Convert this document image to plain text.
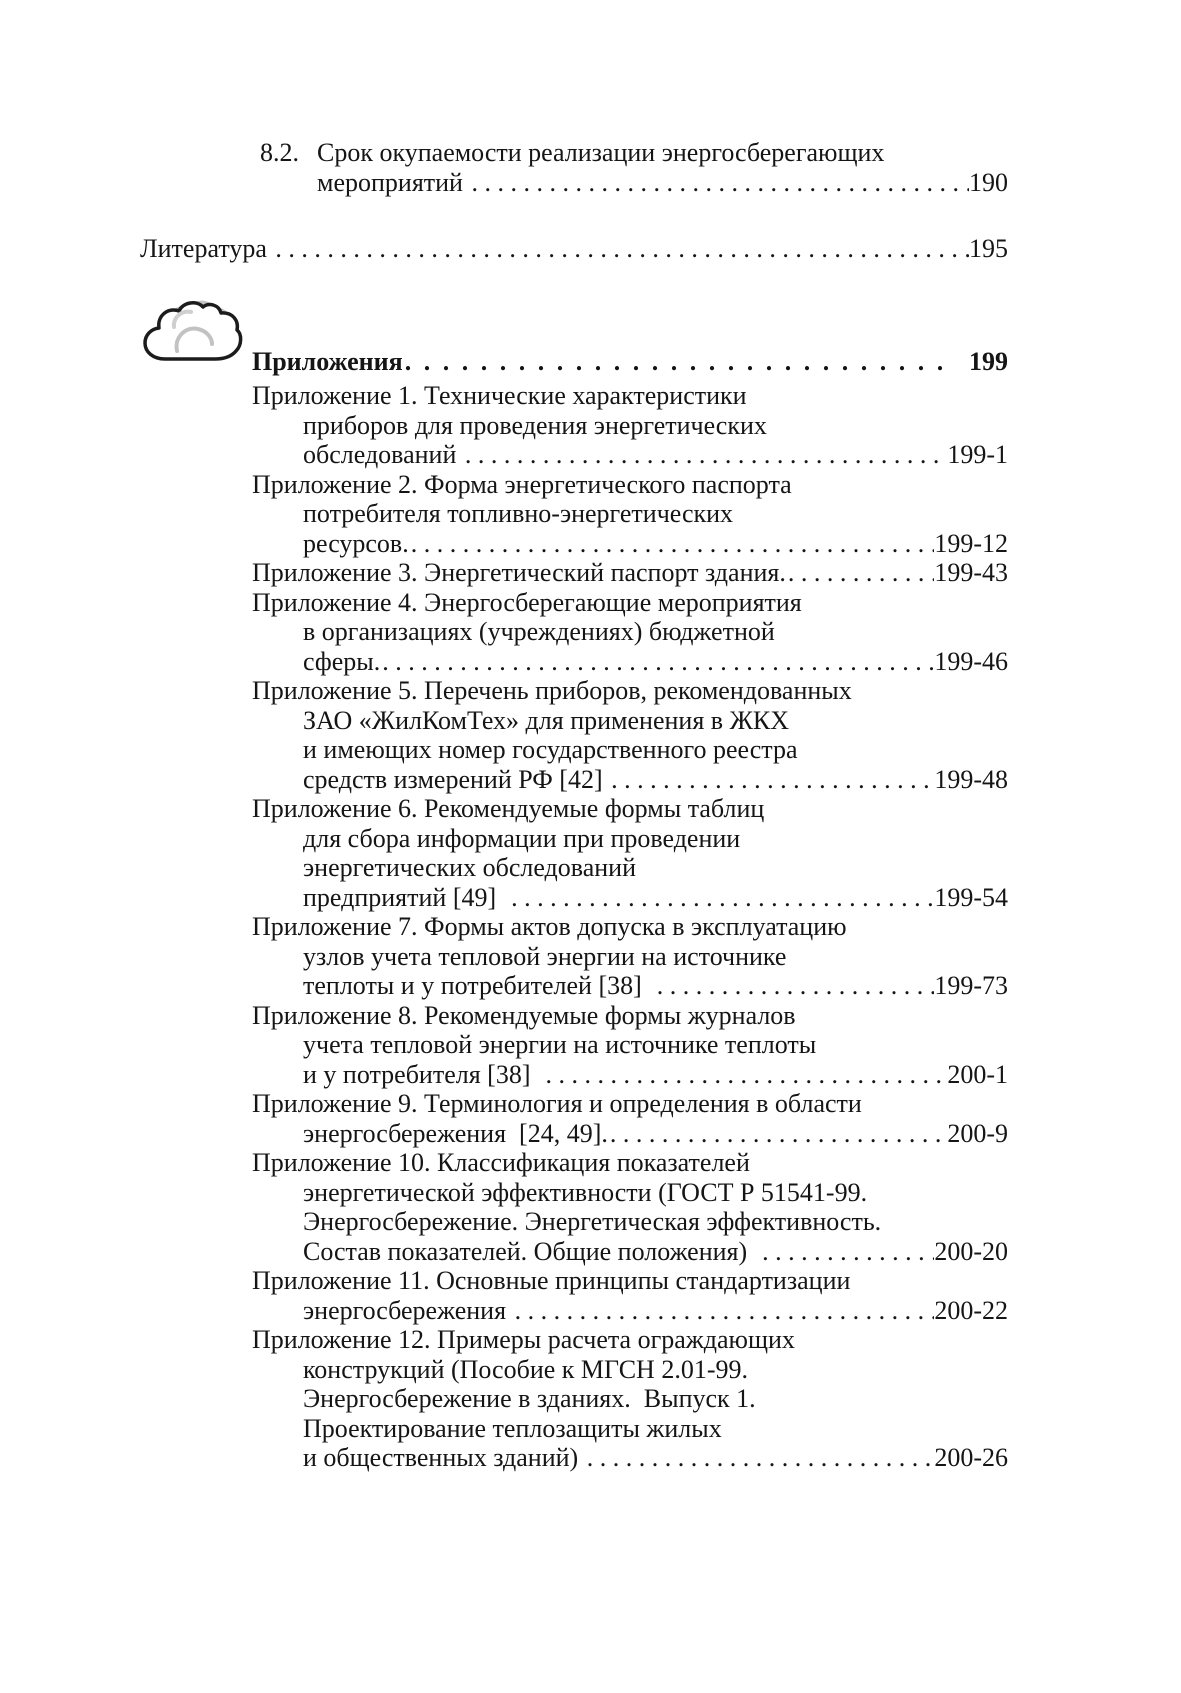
8.2. Срок окупаемости реализации энергосберегающих
мероприятий . . .	190
Литература . . .	195
Приложения . . .	199
Приложение 1. Технические характеристики
приборов для проведения энергетических
обследований . . .	199-1
Приложение 2. Форма энергетического паспорта
потребителя топливно-энергетических
ресурсов. . . .	199-12
Приложение 3. Энергетический паспорт здания. . . .	199-43
Приложение 4. Энергосберегающие мероприятия
в организациях (учреждениях) бюджетной
сферы. . . .	199-46
Приложение 5. Перечень приборов, рекомендованных
ЗАО «ЖилКомТех» для применения в ЖКХ
и имеющих номер государственного реестра
средств измерений РФ [42] . . .	199-48
Приложение 6. Рекомендуемые формы таблиц
для сбора информации при проведении
энергетических обследований
предприятий [49] . . .	199-54
Приложение 7. Формы актов допуска в эксплуатацию
узлов учета тепловой энергии на источнике
теплоты и у потребителей [38] . . .	199-73
Приложение 8. Рекомендуемые формы журналов
учета тепловой энергии на источнике теплоты
и у потребителя [38] . . .	200-1
Приложение 9. Терминология и определения в области
энергосбережения  [24, 49]. . . .	200-9
Приложение 10. Классификация показателей
энергетической эффективности (ГОСТ Р 51541-99.
Энергосбережение. Энергетическая эффективность.
Состав показателей. Общие положения) . . .	200-20
Приложение 11. Основные принципы стандартизации
энергосбережения . . .	200-22
Приложение 12. Примеры расчета ограждающих
конструкций (Пособие к МГСН 2.01-99.
Энергосбережение в зданиях.  Выпуск 1.
Проектирование теплозащиты жилых
и общественных зданий) . . .	200-26
